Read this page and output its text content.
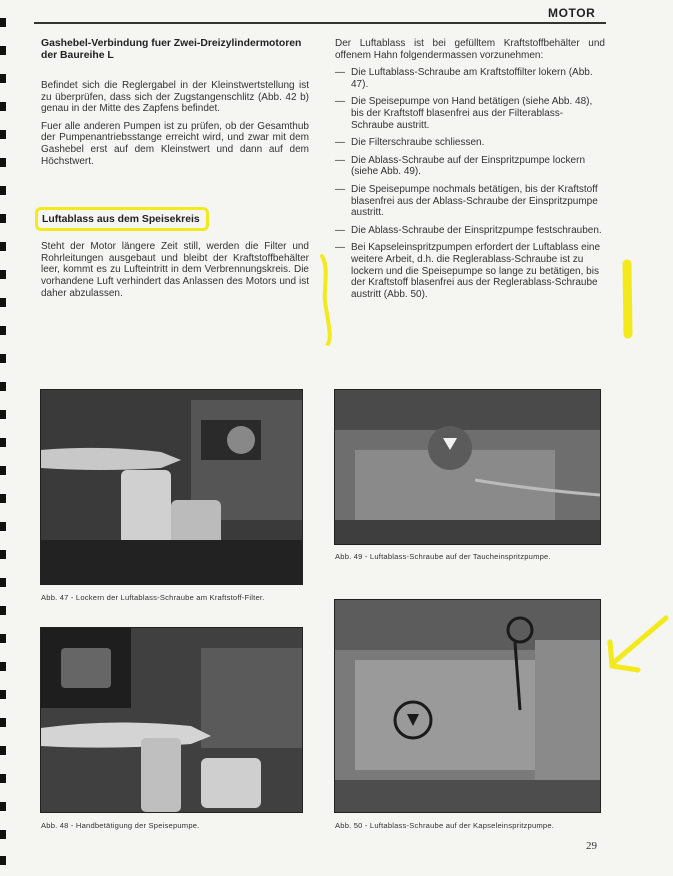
MOTOR
Gashebel-Verbindung fuer Zwei-Dreizylindermotoren der Baureihe L

Befindet sich die Reglergabel in der Kleinstwertstellung ist zu überprüfen, dass sich der Zugstangenschlitz (Abb. 42 b) genau in der Mitte des Zapfens befindet.

Fuer alle anderen Pumpen ist zu prüfen, ob der Gesamthub der Pumpenantriebsstange erreicht wird, und zwar mit dem Gashebel erst auf dem Kleinstwert und dann auf dem Höchstwert.

Luftablass aus dem Speisekreis

Steht der Motor längere Zeit still, werden die Filter und Rohrleitungen ausgebaut und bleibt der Kraftstoffbehälter leer, kommt es zu Lufteintritt in dem Verbrennungskreis. Die vorhandene Luft verhindert das Anlassen des Motors und ist daher abzulassen.

Der Luftablass ist bei gefülltem Kraftstoffbehälter und offenem Hahn folgendermassen vorzunehmen:

— Die Luftablass-Schraube am Kraftstoffilter lokern (Abb. 47).
— Die Speisepumpe von Hand betätigen (siehe Abb. 48), bis der Kraftstoff blasenfrei aus der Filterablass-Schraube austritt.
— Die Filterschraube schliessen.
— Die Ablass-Schraube auf der Einspritzpumpe lockern (siehe Abb. 49).
— Die Speisepumpe nochmals betätigen, bis der Kraftstoff blasenfrei aus der Ablass-Schraube der Einspritzpumpe austritt.
— Die Ablass-Schraube der Einspritzpumpe festschrauben.
— Bei Kapseleinspritzpumpen erfordert der Luftablass eine weitere Arbeit, d.h. die Reglerablass-Schraube ist zu lockern und die Speisepumpe so lange zu betätigen, bis der Kraftstoff blasenfrei aus der Reglerablass-Schraube austritt (Abb. 50).
Abb. 47 - Lockern der Luftablass-Schraube am Kraftstoff-Filter.
Abb. 48 - Handbetätigung der Speisepumpe.
Abb. 49 - Luftablass-Schraube auf der Taucheinspritzpumpe.
Abb. 50 - Luftablass-Schraube auf der Kapseleinspritzpumpe.
29
